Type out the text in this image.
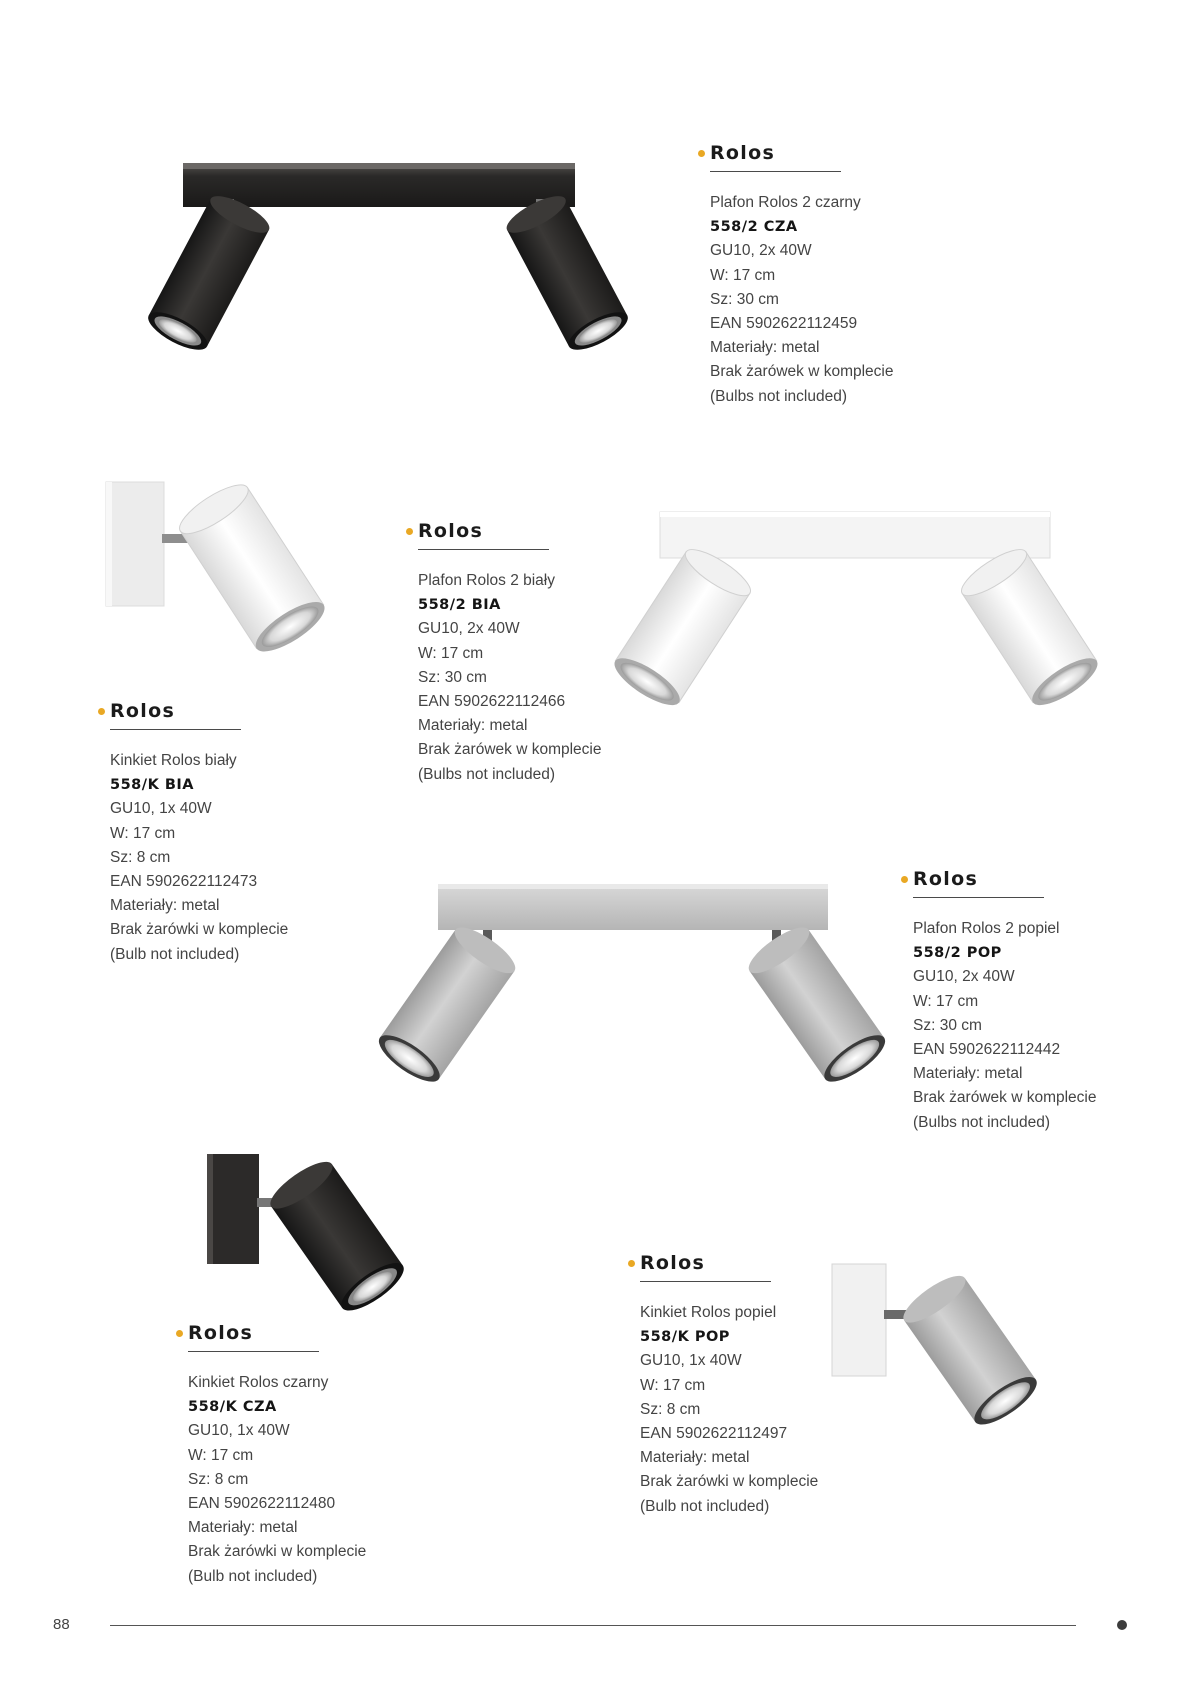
Rolos
Plafon Rolos 2 czarny
558/2 CZA
GU10, 2x 40W
W: 17 cm
Sz: 30 cm
EAN 5902622112459
Materiały: metal
Brak żarówek w komplecie
(Bulbs not included)
Rolos
Plafon Rolos 2 biały
558/2 BIA
GU10, 2x 40W
W: 17 cm
Sz: 30 cm
EAN 5902622112466
Materiały: metal
Brak żarówek w komplecie
(Bulbs not included)
Rolos
Kinkiet Rolos biały
558/K BIA
GU10, 1x 40W
W: 17 cm
Sz: 8 cm
EAN 5902622112473
Materiały: metal
Brak żarówki w komplecie
(Bulb not included)
Rolos
Plafon Rolos 2 popiel
558/2 POP
GU10, 2x 40W
W: 17 cm
Sz: 30 cm
EAN 5902622112442
Materiały: metal
Brak żarówek w komplecie
(Bulbs not included)
Rolos
Kinkiet Rolos popiel
558/K POP
GU10, 1x 40W
W: 17 cm
Sz: 8 cm
EAN 5902622112497
Materiały: metal
Brak żarówki w komplecie
(Bulb not included)
Rolos
Kinkiet Rolos czarny
558/K CZA
GU10, 1x 40W
W: 17 cm
Sz: 8 cm
EAN 5902622112480
Materiały: metal
Brak żarówki w komplecie
(Bulb not included)
88
